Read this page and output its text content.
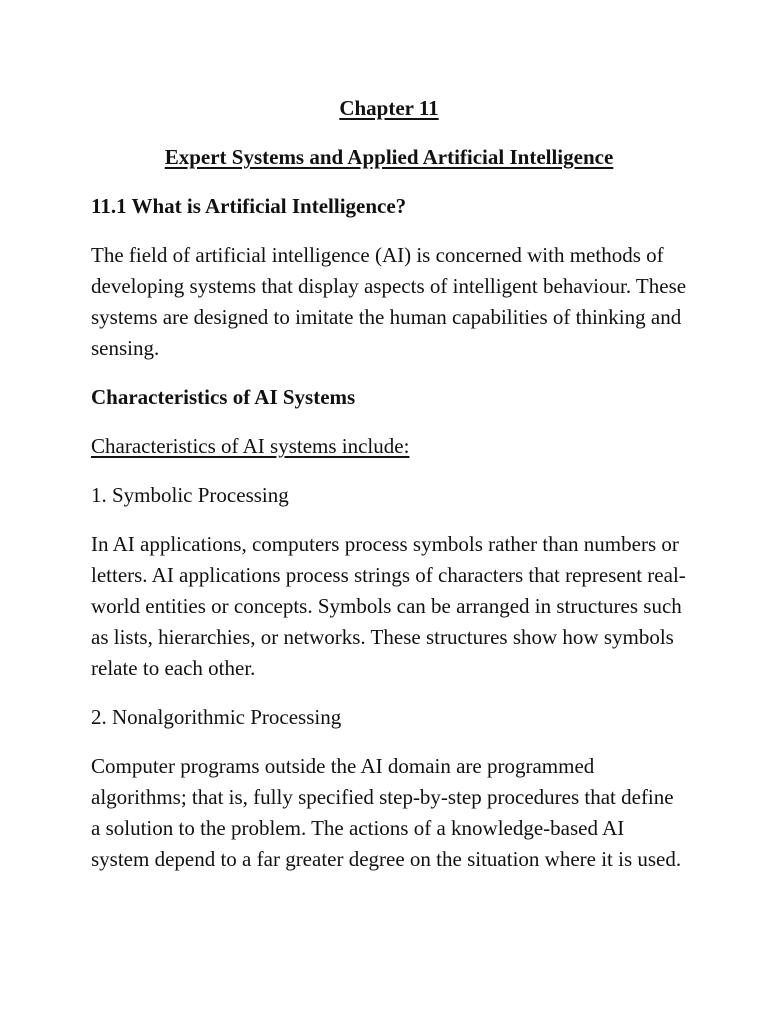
Chapter 11
Expert Systems and Applied Artificial Intelligence
11.1 What is Artificial Intelligence?

The field of artificial intelligence (AI) is concerned with methods of developing systems that display aspects of intelligent behaviour. These systems are designed to imitate the human capabilities of thinking and sensing.

Characteristics of AI Systems

Characteristics of AI systems include:

1. Symbolic Processing

In AI applications, computers process symbols rather than numbers or letters. AI applications process strings of characters that represent real-world entities or concepts. Symbols can be arranged in structures such as lists, hierarchies, or networks. These structures show how symbols relate to each other.

2. Nonalgorithmic Processing

Computer programs outside the AI domain are programmed algorithms; that is, fully specified step-by-step procedures that define a solution to the problem. The actions of a knowledge-based AI system depend to a far greater degree on the situation where it is used.
